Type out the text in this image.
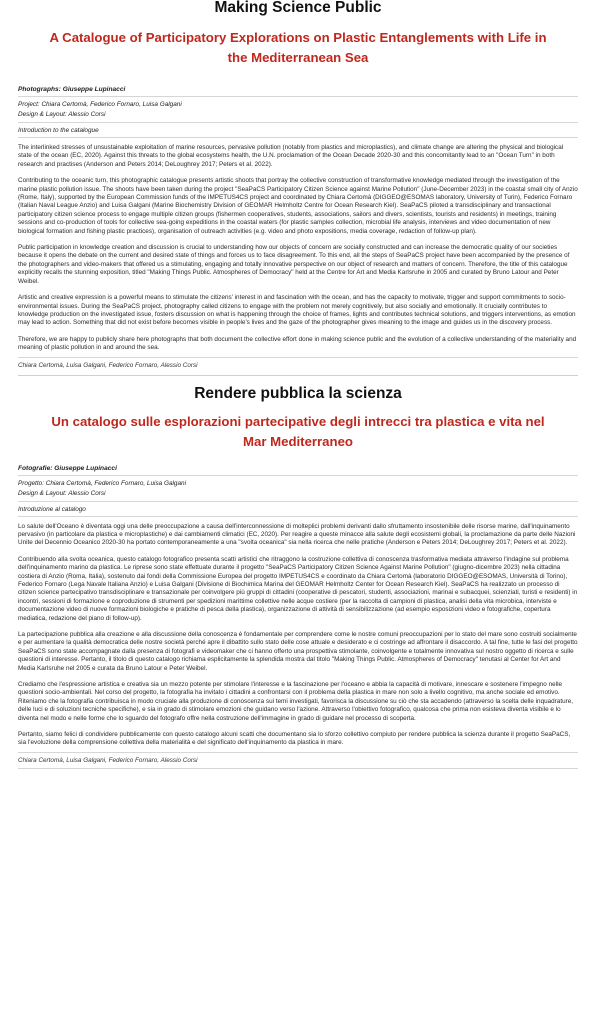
Making Science Public
A Catalogue of Participatory Explorations on Plastic Entanglements with Life in the Mediterranean Sea
Photographs: Giuseppe Lupinacci
Project: Chiara Certomà, Federico Fornaro, Luisa Galgani
Design & Layout: Alessio Corsi
Introduction to the catalogue

The interlinked stresses of unsustainable exploitation of marine resources, pervasive pollution (notably from plastics and microplastics), and climate change are altering the physical and biological state of the ocean (EC, 2020). Against this threats to the global ecosystems health, the U.N. proclamation of the Ocean Decade 2020-30 and this concomitantly lead to an "Ocean Turn" in both research and practises (Anderson and Peters 2014; DeLoughrey 2017; Peters et al. 2022).

Contributing to the oceanic turn, this photographic catalogue presents artistic shoots that portray the collective construction of transformative knowledge mediated through the investigation of the marine plastic pollution issue. The shoots have been taken during the project "SeaPaCS Participatory Citizen Science against Marine Pollution" (June-December 2023) in the coastal small city of Anzio (Rome, Italy), supported by the European Commission funds of the IMPETUS4CS project and coordinated by Chiara Certomà (DIGGEO@ESOMAS laboratory, University of Turin), Federico Fornaro (Italian Naval League Anzio) and Luisa Galgani (Marine Biochemistry Division of GEOMAR Helmholtz Centre for Ocean Research Kiel). SeaPaCS piloted a transdisciplinary and transactional participatory citizen science process to engage multiple citizen groups (fishermen cooperatives, students, associations, sailors and divers, scientists, tourists and residents) in meetings, training sessions and co-production of tools for collective sea-going expeditions in the coastal waters (for plastic samples collection, microbial life analysis, interviews and video documentation of new biological formation and fishing plastic practices), organisation of outreach activities (e.g. video and photo expositions, media coverage, redaction of follow-up plan).

Public participation in knowledge creation and discussion is crucial to understanding how our objects of concern are socially constructed and can increase the democratic quality of our societies because it opens the debate on the current and desired state of things and forces us to face disagreement. To this end, all the steps of SeaPaCS project have been accompanied by the presence of the photographers and video-makers that offered us a stimulating, engaging and totally innovative perspective on our object of research and matters of concern. Therefore, the title of this catalogue explicitly recalls the stunning exposition, titled "Making Things Public. Atmospheres of Democracy" held at the Centre for Art and Media Karlsruhe in 2005 and curated by Bruno Latour and Peter Weibel.

Artistic and creative expression is a powerful means to stimulate the citizens' interest in and fascination with the ocean, and has the capacity to motivate, trigger and support commitments to socio-environmental issues. During the SeaPaCS project, photography called citizens to engage with the problem not merely cognitively, but also socially and emotionally. It crucially contributes to knowledge production on the investigated issue, fosters discussion on what is happening through the choice of frames, lights and contributes technical solutions, and triggers interventions, as emotion may lead to action. Something that did not exist before becomes visible in people's lives and the gaze of the photographer gives meaning to the image and guides us in the discovery process.

Therefore, we are happy to publicly share here photographs that both document the collective effort done in making science public and the evolution of a collective understanding of the materiality and meaning of plastic pollution in and around the sea.

Chiara Certomà, Luisa Galgani, Federico Fornaro, Alessio Corsi
Rendere pubblica la scienza
Un catalogo sulle esplorazioni partecipative degli intrecci tra plastica e vita nel Mar Mediterraneo
Fotografie: Giuseppe Lupinacci
Progetto: Chiara Certomà, Federico Fornaro, Luisa Galgani
Design & Layout: Alessio Corsi
Introduzione al catalogo

Lo salute dell'Oceano è diventata oggi una delle preoccupazione a causa dell'interconnessione di molteplici problemi derivanti dallo sfruttamento insostenibile delle risorse marine, dall'inquinamento pervasivo (in particolare da plastica e microplastiche) e dai cambiamenti climatici (EC, 2020). Per reagire a queste minacce alla salute degli ecosistemi globali, la proclamazione da parte delle Nazioni Unite del Decennio Oceanico 2020-30 ha portato contemporaneamente a una "svolta oceanica" sia nella ricerca che nelle pratiche (Anderson e Peters 2014; DeLoughrey 2017; Peters et al. 2022).

Contribuendo alla svolta oceanica, questo catalogo fotografico presenta scatti artistici che ritraggono la costruzione collettiva di conoscenza trasformativa mediata attraverso l'indagine sul problema dell'inquinamento marino da plastica. Le riprese sono state effettuate durante il progetto "SeaPaCS Participatory Citizen Science Against Marine Pollution" (giugno-dicembre 2023) nella cittadina costiera di Anzio (Roma, Italia), sostenuto dai fondi della Commissione Europea del progetto IMPETUS4CS e coordinato da Chiara Certomà (laboratorio DIGGEO@ESOMAS, Università di Torino), Federico Fornaro (Lega Navale Italiana Anzio) e Luisa Galgani (Divisione di Biochimica Marina del GEOMAR Helmholtz Center for Ocean Research Kiel). SeaPaCS ha realizzato un processo di citizen science partecipativo transdisciplinare e transazionale per coinvolgere più gruppi di cittadini (cooperative di pescatori, studenti, associazioni, marinai e subacquei, scienziati, turisti e residenti) in incontri, sessioni di formazione e coproduzione di strumenti per spedizioni marittime collettive nelle acque costiere (per la raccolta di campioni di plastica, analisi della vita microbica, interviste e documentazione video di nuove formazioni biologiche e pratiche di pesca della plastica), organizzazione di attività di sensibilizzazione (ad esempio esposizioni video e fotografiche, copertura mediatica, redazione del piano di follow-up).

La partecipazione pubblica alla creazione e alla discussione della conoscenza è fondamentale per comprendere come le nostre comuni preoccupazioni per lo stato del mare sono costruiti socialmente e per aumentare la qualità democratica delle nostre società perché apre il dibattito sullo stato delle cose attuale e desiderato e ci costringe ad affrontare il disaccordo. A tal fine, tutte le fasi del progetto SeaPaCS sono state accompagnate dalla presenza di fotografi e videomaker che ci hanno offerto una prospettiva stimolante, coinvolgente e totalmente innovativa sul nostro oggetto di ricerca e sulle questioni di interesse. Pertanto, il titolo di questo catalogo richiama esplicitamente la splendida mostra dal titolo "Making Things Public. Atmospheres of Democracy" tenutasi al Center for Art and Media Karlsruhe nel 2005 e curata da Bruno Latour e Peter Weibel.

Crediamo che l'espressione artistica e creativa sia un mezzo potente per stimolare l'interesse e la fascinazione per l'oceano e abbia la capacità di motivare, innescare e sostenere l'impegno nelle questioni socio-ambientali. Nel corso del progetto, la fotografia ha invitato i cittadini a confrontarsi con il problema della plastica in mare non solo a livello cognitivo, ma anche sociale ed emotivo. Riteniamo che la fotografia contribuisca in modo cruciale alla produzione di conoscenza sui temi investigati, favorisca la discussione su ciò che sta accadendo (attraverso la scelta delle inquadrature, delle luci e di soluzioni tecniche specifiche), e sia in grado di stimolare emozioni che guidano verso l'azione. Attraverso l'obiettivo fotografico, qualcosa che prima non esisteva diventa visibile e lo diventa nel modo e nelle forme che lo sguardo del fotografo offre nella costruzione dell'immagine in grado di guidare nel processo di scoperta.

Pertanto, siamo felici di condividere pubblicamente con questo catalogo alcuni scatti che documentano sia lo sforzo collettivo compiuto per rendere pubblica la scienza durante il progetto SeaPaCS, sia l'evoluzione della comprensione collettiva della materialità e del significato dell'inquinamento da plastica in mare.

Chiara Certomà, Luisa Galgani, Federico Fornaro, Alessio Corsi
